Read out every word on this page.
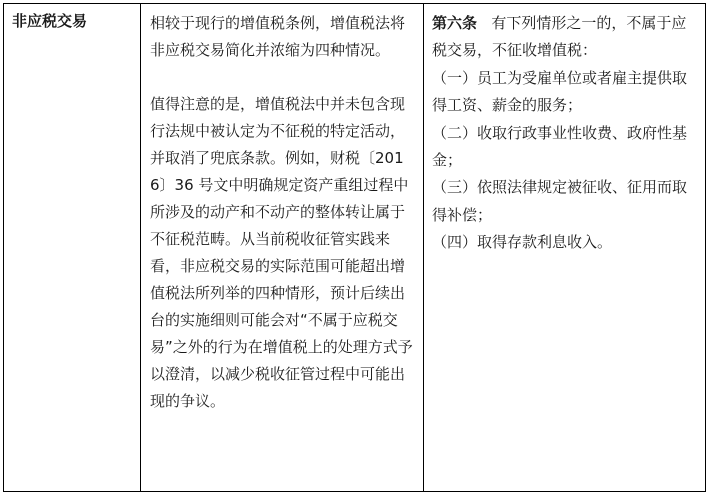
非应税交易	相较于现行的增值税条例，增值税法将非应税交易简化并浓缩为四种情况。

值得注意的是，增值税法中并未包含现行法规中被认定为不征税的特定活动，并取消了兜底条款。例如，财税〔2016〕36 号文中明确规定资产重组过程中所涉及的动产和不动产的整体转让属于不征税范畴。从当前税收征管实践来看，非应税交易的实际范围可能超出增值税法所列举的四种情形，预计后续出台的实施细则可能会对“不属于应税交易”之外的行为在增值税上的处理方式予以澄清，以减少税收征管过程中可能出现的争议。

第六条 有下列情形之一的，不属于应税交易，不征收增值税：

（一）员工为受雇单位或者雇主提供取得工资、薪金的服务；

（二）收取行政事业性收费、政府性基金；

（三）依照法律规定被征收、征用而取得补偿；

（四）取得存款利息收入。
